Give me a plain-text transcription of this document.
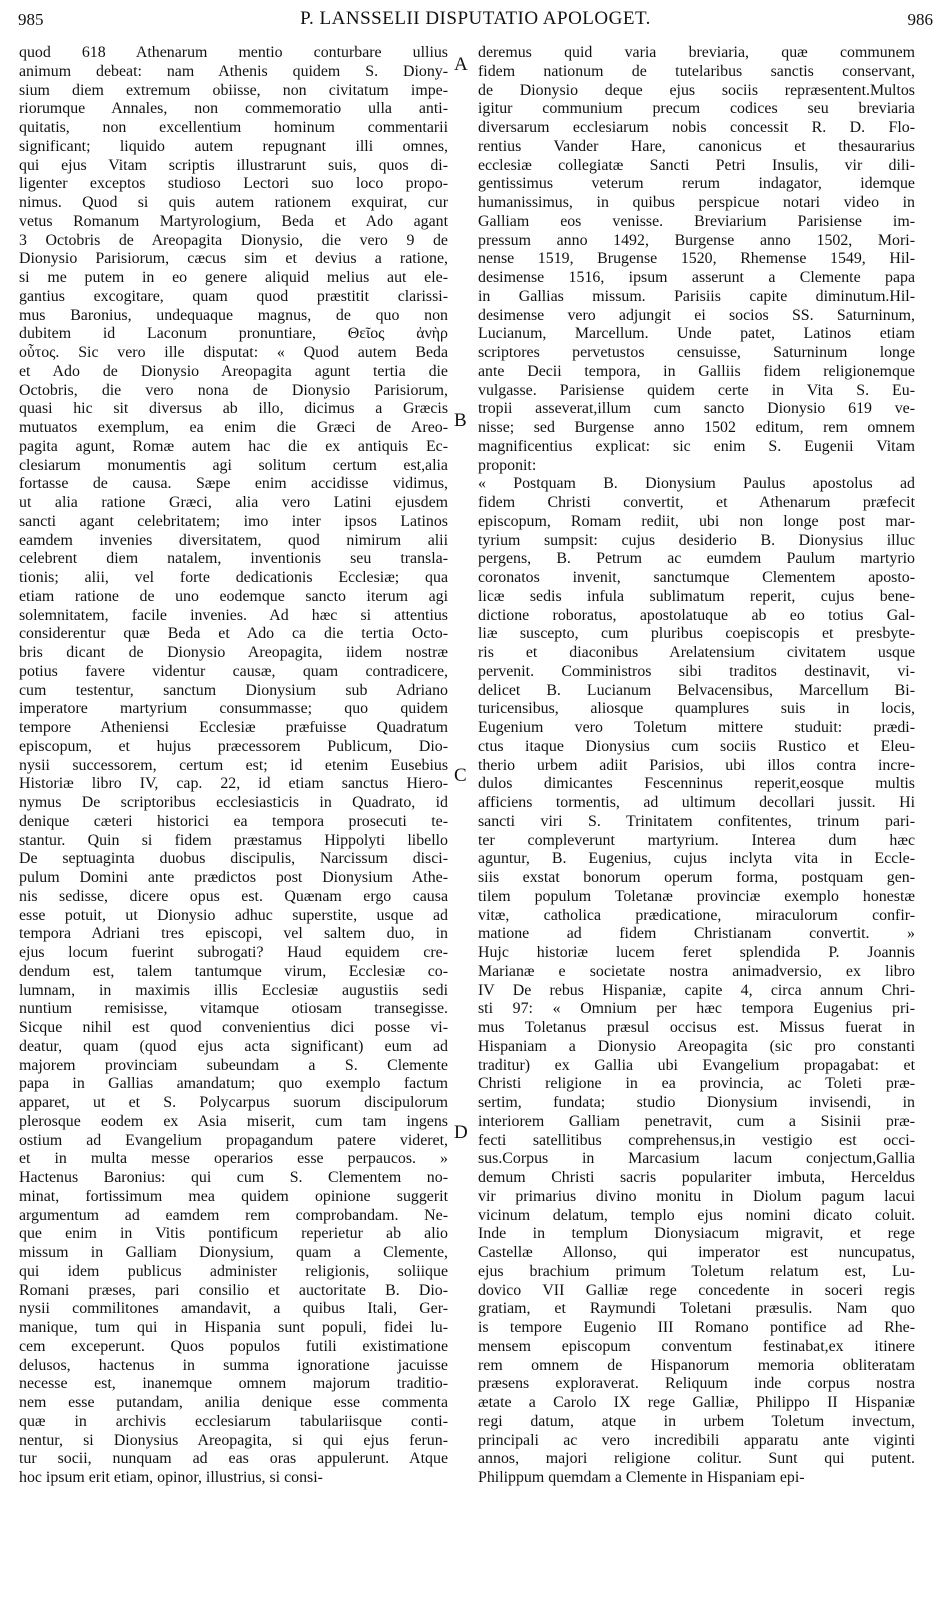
985	P. LANSSELII DISPUTATIO APOLOGET.	986

quod 618 Athenarum mentio conturbare ullius

animum debeat: nam Athenis quidem S. Diony-

sium diem extremum obiisse, non civitatum impe-

riorumque Annales, non commemoratio ulla anti-

quitatis, non excellentium hominum commentarii

significant; liquido autem repugnant illi omnes,

qui ejus Vitam scriptis illustrarunt suis, quos di-

ligenter exceptos studioso Lectori suo loco propo-

nimus. Quod si quis autem rationem exquirat, cur

vetus Romanum Martyrologium, Beda et Ado agant

3 Octobris de Areopagita Dionysio, die vero 9 de

Dionysio Parisiorum, cæcus sim et devius a ratione,

si me putem in eo genere aliquid melius aut ele-

gantius excogitare, quam quod præstitit clarissi-

mus Baronius, undequaque magnus, de quo non

dubitem id Laconum pronuntiare, Θεῖος ἀνὴρ

οὗτος. Sic vero ille disputat: « Quod autem Beda

et Ado de Dionysio Areopagita agunt tertia die

Octobris, die vero nona de Dionysio Parisiorum,

quasi hic sit diversus ab illo, dicimus a Græcis

mutuatos exemplum, ea enim die Græci de Areo-

pagita agunt, Romæ autem hac die ex antiquis Ec-

clesiarum monumentis agi solitum certum est,alia

fortasse de causa. Sæpe enim accidisse vidimus,

ut alia ratione Græci, alia vero Latini ejusdem

sancti agant celebritatem; imo inter ipsos Latinos

eamdem invenies diversitatem, quod nimirum alii

celebrent diem natalem, inventionis seu transla-

tionis; alii, vel forte dedicationis Ecclesiæ; qua

etiam ratione de uno eodemque sancto iterum agi

solemnitatem, facile invenies. Ad hæc si attentius

considerentur quæ Beda et Ado ca die tertia Octo-

bris dicant de Dionysio Areopagita, iidem nostræ

potius favere videntur causæ, quam contradicere,

cum testentur, sanctum Dionysium sub Adriano

imperatore martyrium consummasse; quo quidem

tempore Atheniensi Ecclesiæ præfuisse Quadratum

episcopum, et hujus præcessorem Publicum, Dio-

nysii successorem, certum est; id etenim Eusebius

Historiæ libro IV, cap. 22, id etiam sanctus Hiero-

nymus De scriptoribus ecclesiasticis in Quadrato, id

denique cæteri historici ea tempora prosecuti te-

stantur. Quin si fidem præstamus Hippolyti libello

De septuaginta duobus discipulis, Narcissum disci-

pulum Domini ante prædictos post Dionysium Athe-

nis sedisse, dicere opus est. Quænam ergo causa

esse potuit, ut Dionysio adhuc superstite, usque ad

tempora Adriani tres episcopi, vel saltem duo, in

ejus locum fuerint subrogati? Haud equidem cre-

dendum est, talem tantumque virum, Ecclesiæ co-

lumnam, in maximis illis Ecclesiæ augustiis sedi

nuntium remisisse, vitamque otiosam transegisse.

Sicque nihil est quod convenientius dici posse vi-

deatur, quam (quod ejus acta significant) eum ad

majorem provinciam subeundam a S. Clemente

papa in Gallias amandatum; quo exemplo factum

apparet, ut et S. Polycarpus suorum discipulorum

plerosque eodem ex Asia miserit, cum tam ingens

ostium ad Evangelium propagandum patere videret,

et in multa messe operarios esse perpaucos. »

Hactenus Baronius: qui cum S. Clementem no-

minat, fortissimum mea quidem opinione suggerit

argumentum ad eamdem rem comprobandam. Ne-

que enim in Vitis pontificum reperietur ab alio

missum in Galliam Dionysium, quam a Clemente,

qui idem publicus administer religionis, soliique

Romani præses, pari consilio et auctoritate B. Dio-

nysii commilitones amandavit, a quibus Itali, Ger-

manique, tum qui in Hispania sunt populi, fidei lu-

cem exceperunt. Quos populos futili existimatione

delusos, hactenus in summa ignoratione jacuisse

necesse est, inanemque omnem majorum traditio-

nem esse putandam, anilia denique esse commenta

quæ in archivis ecclesiarum tabulariisque conti-

nentur, si Dionysius Areopagita, si qui ejus ferun-

tur socii, nunquam ad eas oras appulerunt. Atque

hoc ipsum erit etiam, opinor, illustrius, si consi-

deremus quid varia breviaria, quæ communem

fidem nationum de tutelaribus sanctis conservant,

de Dionysio deque ejus sociis repræsentent.Multos

igitur communium precum codices seu breviaria

diversarum ecclesiarum nobis concessit R. D. Flo-

rentius Vander Hare, canonicus et thesaurarius

ecclesiæ collegiatæ Sancti Petri Insulis, vir dili-

gentissimus veterum rerum indagator, idemque

humanissimus, in quibus perspicue notari video in

Galliam eos venisse. Breviarium Parisiense im-

pressum anno 1492, Burgense anno 1502, Mori-

nense 1519, Brugense 1520, Rhemense 1549, Hil-

desimense 1516, ipsum asserunt a Clemente papa

in Gallias missum. Parisiis capite diminutum.Hil-

desimense vero adjungit ei socios SS. Saturninum,

Lucianum, Marcellum. Unde patet, Latinos etiam

scriptores pervetustos censuisse, Saturninum longe

ante Decii tempora, in Galliis fidem religionemque

vulgasse. Parisiense quidem certe in Vita S. Eu-

tropii asseverat,illum cum sancto Dionysio 619 ve-

nisse; sed Burgense anno 1502 editum, rem omnem

magnificentius explicat: sic enim S. Eugenii Vitam

proponit:

« Postquam B. Dionysium Paulus apostolus ad

fidem Christi convertit, et Athenarum præfecit

episcopum, Romam rediit, ubi non longe post mar-

tyrium sumpsit: cujus desiderio B. Dionysius illuc

pergens, B. Petrum ac eumdem Paulum martyrio

coronatos invenit, sanctumque Clementem aposto-

licæ sedis infula sublimatum reperit, cujus bene-

dictione roboratus, apostolatuque ab eo totius Gal-

liæ suscepto, cum pluribus coepiscopis et presbyte-

ris et diaconibus Arelatensium civitatem usque

pervenit. Comministros sibi traditos destinavit, vi-

delicet B. Lucianum Belvacensibus, Marcellum Bi-

turicensibus, aliosque quamplures suis in locis,

Eugenium vero Toletum mittere studuit: prædi-

ctus itaque Dionysius cum sociis Rustico et Eleu-

therio urbem adiit Parisios, ubi illos contra incre-

dulos dimicantes Fescenninus reperit,eosque multis

afficiens tormentis, ad ultimum decollari jussit. Hi

sancti viri S. Trinitatem confitentes, trinum pari-

ter compleverunt martyrium. Interea dum hæc

aguntur, B. Eugenius, cujus inclyta vita in Eccle-

siis exstat bonorum operum forma, postquam gen-

tilem populum Toletanæ provinciæ exemplo honestæ

vitæ, catholica prædicatione, miraculorum confir-

matione ad fidem Christianam convertit. »

Hujc historiæ lucem feret splendida P. Joannis

Marianæ e societate nostra animadversio, ex libro

IV De rebus Hispaniæ, capite 4, circa annum Chri-

sti 97: « Omnium per hæc tempora Eugenius pri-

mus Toletanus præsul occisus est. Missus fuerat in

Hispaniam a Dionysio Areopagita (sic pro constanti

traditur) ex Gallia ubi Evangelium propagabat: et

Christi religione in ea provincia, ac Toleti præ-

sertim, fundata; studio Dionysium invisendi, in

interiorem Galliam penetravit, cum a Sisinii præ-

fecti satellitibus comprehensus,in vestigio est occi-

sus.Corpus in Marcasium lacum conjectum,Gallia

demum Christi sacris populariter imbuta, Herceldus

vir primarius divino monitu in Diolum pagum lacui

vicinum delatum, templo ejus nomini dicato coluit.

Inde in templum Dionysiacum migravit, et rege

Castellæ Allonso, qui imperator est nuncupatus,

ejus brachium primum Toletum relatum est, Lu-

dovico VII Galliæ rege concedente in soceri regis

gratiam, et Raymundi Toletani præsulis. Nam quo

is tempore Eugenio III Romano pontifice ad Rhe-

mensem episcopum conventum festinabat,ex itinere

rem omnem de Hispanorum memoria obliteratam

præsens exploraverat. Reliquum inde corpus nostra

ætate a Carolo IX rege Galliæ, Philippo II Hispaniæ

regi datum, atque in urbem Toletum invectum,

principali ac vero incredibili apparatu ante viginti

annos, majori religione colitur. Sunt qui putent.

Philippum quemdam a Clemente in Hispaniam epi-

A
B
C
D
